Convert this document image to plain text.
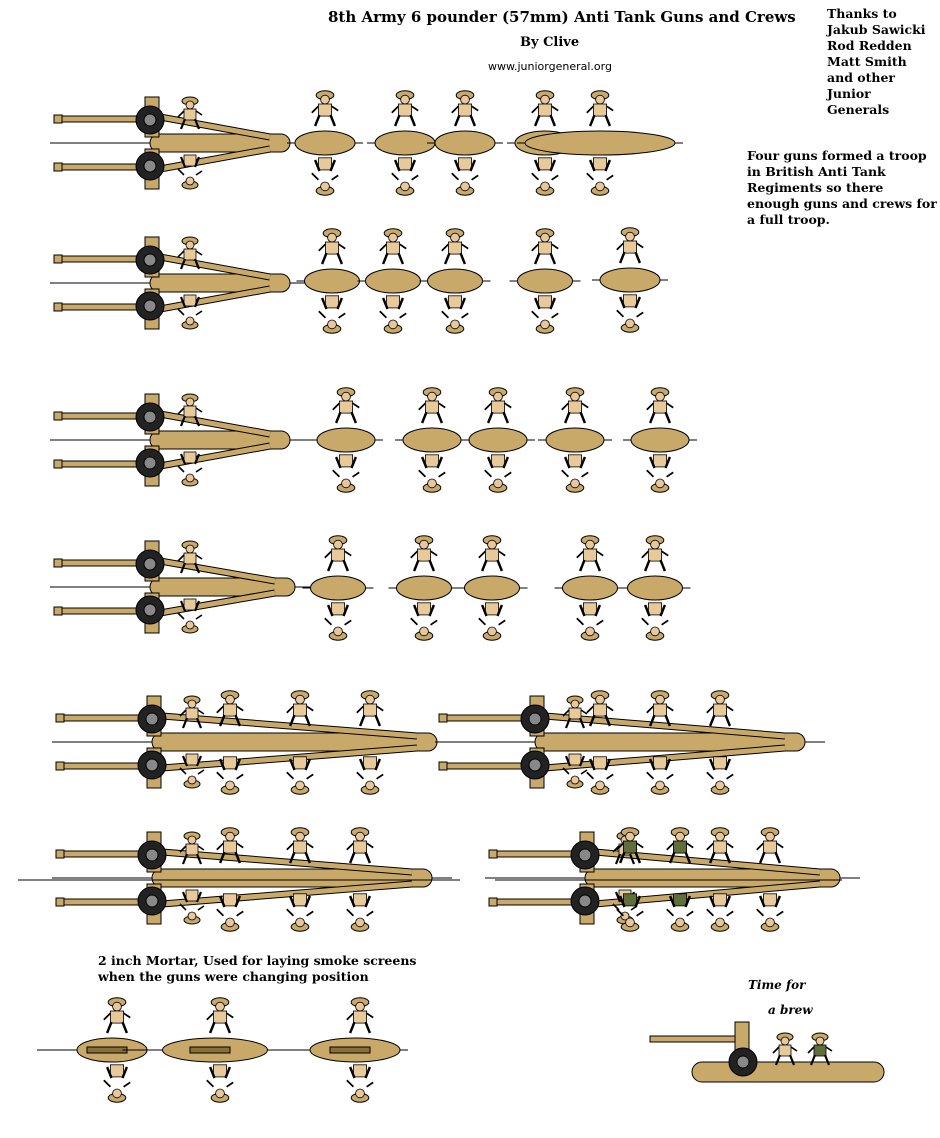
8th Army 6 pounder (57mm) Anti Tank Guns and Crews
By Clive
www.juniorgeneral.org
Thanks to
Jakub Sawicki
Rod Redden
Matt Smith
and other
Junior
Generals
Four guns formed a troop in British Anti Tank Regiments so there enough guns and crews for a full troop.
2 inch Mortar, Used for laying smoke screens
when the guns were changing position
Time for
a brew
